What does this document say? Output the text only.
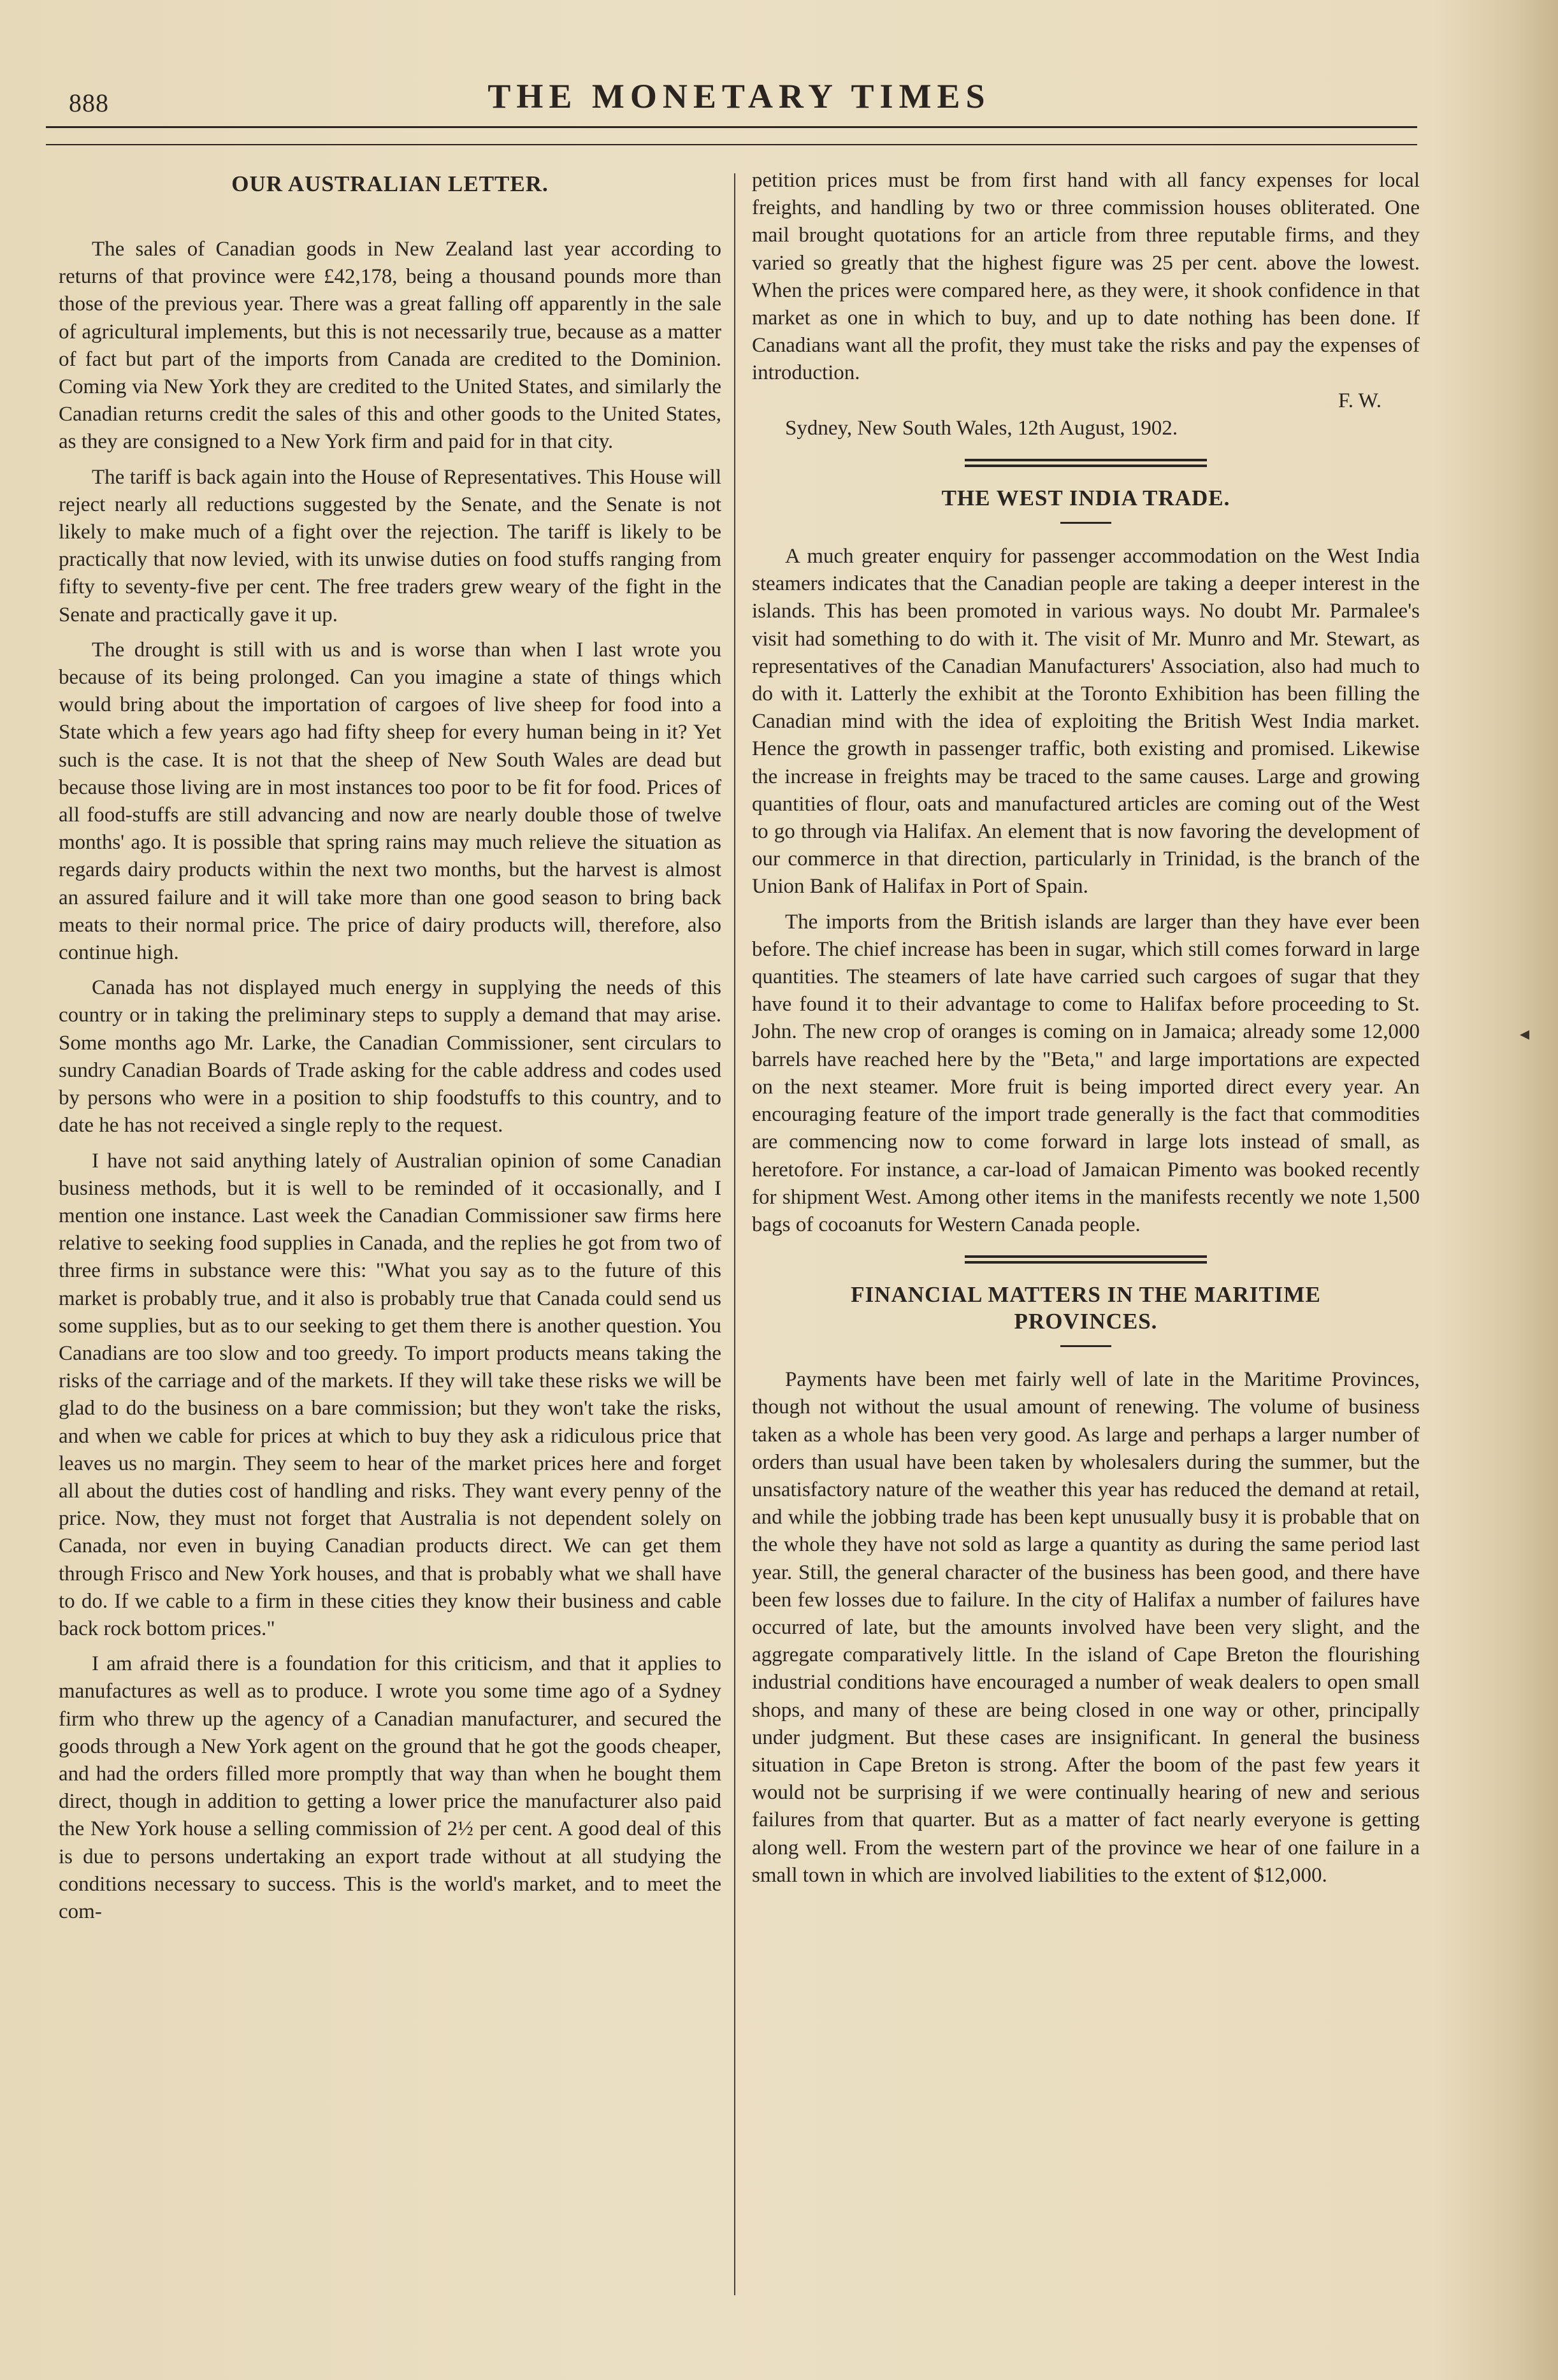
888	THE MONETARY TIMES
OUR AUSTRALIAN LETTER.

The sales of Canadian goods in New Zealand last year according to returns of that province were £42,178, being a thousand pounds more than those of the previous year. There was a great falling off apparently in the sale of agricultural implements, but this is not necessarily true, because as a matter of fact but part of the imports from Canada are credited to the Dominion. Coming via New York they are credited to the United States, and similarly the Canadian returns credit the sales of this and other goods to the United States, as they are consigned to a New York firm and paid for in that city.

The tariff is back again into the House of Representatives. This House will reject nearly all reductions suggested by the Senate, and the Senate is not likely to make much of a fight over the rejection. The tariff is likely to be practically that now levied, with its unwise duties on food stuffs ranging from fifty to seventy-five per cent. The free traders grew weary of the fight in the Senate and practically gave it up.

The drought is still with us and is worse than when I last wrote you because of its being prolonged. Can you imagine a state of things which would bring about the importation of cargoes of live sheep for food into a State which a few years ago had fifty sheep for every human being in it? Yet such is the case. It is not that the sheep of New South Wales are dead but because those living are in most instances too poor to be fit for food. Prices of all food-stuffs are still advancing and now are nearly double those of twelve months' ago. It is possible that spring rains may much relieve the situation as regards dairy products within the next two months, but the harvest is almost an assured failure and it will take more than one good season to bring back meats to their normal price. The price of dairy products will, therefore, also continue high.

Canada has not displayed much energy in supplying the needs of this country or in taking the preliminary steps to supply a demand that may arise. Some months ago Mr. Larke, the Canadian Commissioner, sent circulars to sundry Canadian Boards of Trade asking for the cable address and codes used by persons who were in a position to ship foodstuffs to this country, and to date he has not received a single reply to the request.

I have not said anything lately of Australian opinion of some Canadian business methods, but it is well to be reminded of it occasionally, and I mention one instance. Last week the Canadian Commissioner saw firms here relative to seeking food supplies in Canada, and the replies he got from two of three firms in substance were this: "What you say as to the future of this market is probably true, and it also is probably true that Canada could send us some supplies, but as to our seeking to get them there is another question. You Canadians are too slow and too greedy. To import products means taking the risks of the carriage and of the markets. If they will take these risks we will be glad to do the business on a bare commission; but they won't take the risks, and when we cable for prices at which to buy they ask a ridiculous price that leaves us no margin. They seem to hear of the market prices here and forget all about the duties cost of handling and risks. They want every penny of the price. Now, they must not forget that Australia is not dependent solely on Canada, nor even in buying Canadian products direct. We can get them through Frisco and New York houses, and that is probably what we shall have to do. If we cable to a firm in these cities they know their business and cable back rock bottom prices."

I am afraid there is a foundation for this criticism, and that it applies to manufactures as well as to produce. I wrote you some time ago of a Sydney firm who threw up the agency of a Canadian manufacturer, and secured the goods through a New York agent on the ground that he got the goods cheaper, and had the orders filled more promptly that way than when he bought them direct, though in addition to getting a lower price the manufacturer also paid the New York house a selling commission of 2½ per cent. A good deal of this is due to persons undertaking an export trade without at all studying the conditions necessary to success. This is the world's market, and to meet the com-

petition prices must be from first hand with all fancy expenses for local freights, and handling by two or three commission houses obliterated. One mail brought quotations for an article from three reputable firms, and they varied so greatly that the highest figure was 25 per cent. above the lowest. When the prices were compared here, as they were, it shook confidence in that market as one in which to buy, and up to date nothing has been done. If Canadians want all the profit, they must take the risks and pay the expenses of introduction.

F. W.
Sydney, New South Wales, 12th August, 1902.
THE WEST INDIA TRADE.

A much greater enquiry for passenger accommodation on the West India steamers indicates that the Canadian people are taking a deeper interest in the islands. This has been promoted in various ways. No doubt Mr. Parmalee's visit had something to do with it. The visit of Mr. Munro and Mr. Stewart, as representatives of the Canadian Manufacturers' Association, also had much to do with it. Latterly the exhibit at the Toronto Exhibition has been filling the Canadian mind with the idea of exploiting the British West India market. Hence the growth in passenger traffic, both existing and promised. Likewise the increase in freights may be traced to the same causes. Large and growing quantities of flour, oats and manufactured articles are coming out of the West to go through via Halifax. An element that is now favoring the development of our commerce in that direction, particularly in Trinidad, is the branch of the Union Bank of Halifax in Port of Spain.

The imports from the British islands are larger than they have ever been before. The chief increase has been in sugar, which still comes forward in large quantities. The steamers of late have carried such cargoes of sugar that they have found it to their advantage to come to Halifax before proceeding to St. John. The new crop of oranges is coming on in Jamaica; already some 12,000 barrels have reached here by the "Beta," and large importations are expected on the next steamer. More fruit is being imported direct every year. An encouraging feature of the import trade generally is the fact that commodities are commencing now to come forward in large lots instead of small, as heretofore. For instance, a car-load of Jamaican Pimento was booked recently for shipment West. Among other items in the manifests recently we note 1,500 bags of cocoanuts for Western Canada people.

FINANCIAL MATTERS IN THE MARITIME PROVINCES.

Payments have been met fairly well of late in the Maritime Provinces, though not without the usual amount of renewing. The volume of business taken as a whole has been very good. As large and perhaps a larger number of orders than usual have been taken by wholesalers during the summer, but the unsatisfactory nature of the weather this year has reduced the demand at retail, and while the jobbing trade has been kept unusually busy it is probable that on the whole they have not sold as large a quantity as during the same period last year. Still, the general character of the business has been good, and there have been few losses due to failure. In the city of Halifax a number of failures have occurred of late, but the amounts involved have been very slight, and the aggregate comparatively little. In the island of Cape Breton the flourishing industrial conditions have encouraged a number of weak dealers to open small shops, and many of these are being closed in one way or other, principally under judgment. But these cases are insignificant. In general the business situation in Cape Breton is strong. After the boom of the past few years it would not be surprising if we were continually hearing of new and serious failures from that quarter. But as a matter of fact nearly everyone is getting along well. From the western part of the province we hear of one failure in a small town in which are involved liabilities to the extent of $12,000.

◂
